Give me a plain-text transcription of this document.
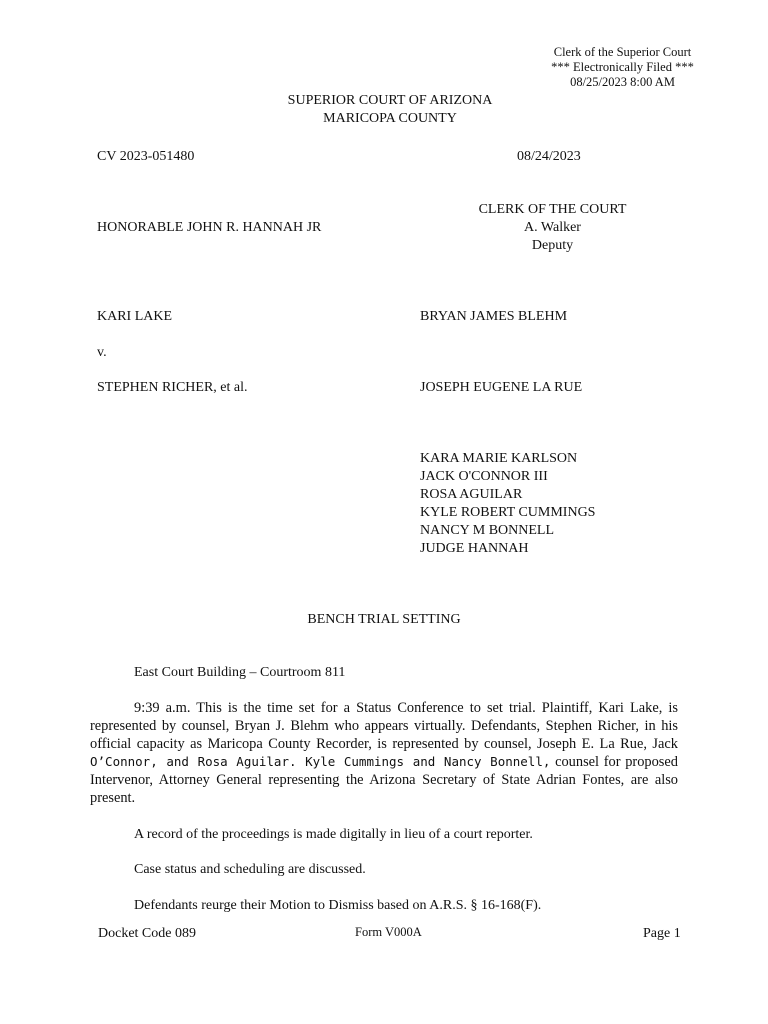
Clerk of the Superior Court
*** Electronically Filed ***
08/25/2023 8:00 AM
SUPERIOR COURT OF ARIZONA
MARICOPA COUNTY
CV 2023-051480	08/24/2023
CLERK OF THE COURT
A. Walker
Deputy
HONORABLE JOHN R. HANNAH JR
KARI LAKE
v.
STEPHEN RICHER, et al.
BRYAN JAMES BLEHM
JOSEPH EUGENE LA RUE
KARA MARIE KARLSON
JACK O'CONNOR III
ROSA AGUILAR
KYLE ROBERT CUMMINGS
NANCY M BONNELL
JUDGE HANNAH
BENCH TRIAL SETTING
East Court Building – Courtroom 811
9:39 a.m. This is the time set for a Status Conference to set trial. Plaintiff, Kari Lake, is represented by counsel, Bryan J. Blehm who appears virtually. Defendants, Stephen Richer, in his official capacity as Maricopa County Recorder, is represented by counsel, Joseph E. La Rue, Jack O’Connor, and Rosa Aguilar. Kyle Cummings and Nancy Bonnell, counsel for proposed Intervenor, Attorney General representing the Arizona Secretary of State Adrian Fontes, are also present.
A record of the proceedings is made digitally in lieu of a court reporter.
Case status and scheduling are discussed.
Defendants reurge their Motion to Dismiss based on A.R.S. § 16-168(F).
Docket Code 089	Form V000A	Page 1
